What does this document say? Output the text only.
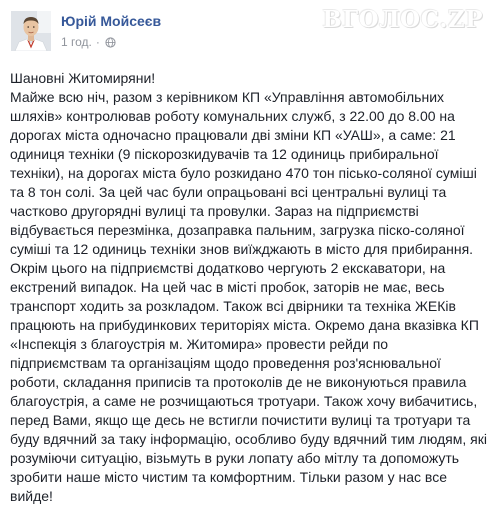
Юрій Мойсеєв
1 год. ·
ВГОЛОС.ZP

Шановні Житомиряни!

Майже всю ніч, разом з керівником КП «Управління автомобільних шляхів» контролював роботу комунальних служб, з 22.00 до 8.00 на дорогах міста одночасно працювали дві зміни КП «УАШ», а саме: 21 одиниця техніки (9 піскорозкидувачів та 12 одиниць прибиральної техніки), на дорогах міста було розкидано 470 тон пісько-соляної суміші та 8 тон солі. За цей час були опрацьовані всі центральні вулиці та частково другорядні вулиці та провулки. Зараз на підприємстві відбувається перезмінка, дозаправка пальним, загрузка піско-соляної суміші та 12 одиниць техніки знов виїжджають в місто для прибирання. Окрім цього на підприємстві додатково чергують 2 екскаватори, на екстрений випадок. На цей час в місті пробок, заторів не має, весь транспорт ходить за розкладом. Також всі двірники та техніка ЖЕКів працюють на прибудинкових територіях міста. Окремо дана вказівка КП «Інспекція з благоустрія м. Житомира» провести рейди по підприємствам та організаціям щодо проведення роз'яснювальної роботи, складання приписів та протоколів де не виконуються правила благоустрія, а саме не розчищаються тротуари. Також хочу вибачитись, перед Вами, якщо ще десь не встигли почистити вулиці та тротуари та буду вдячний за таку інформацію, особливо буду вдячний тим людям, які розуміючи ситуацію, візьмуть в руки лопату або мітлу та допоможуть зробити наше місто чистим та комфортним. Тільки разом у нас все вийде!
